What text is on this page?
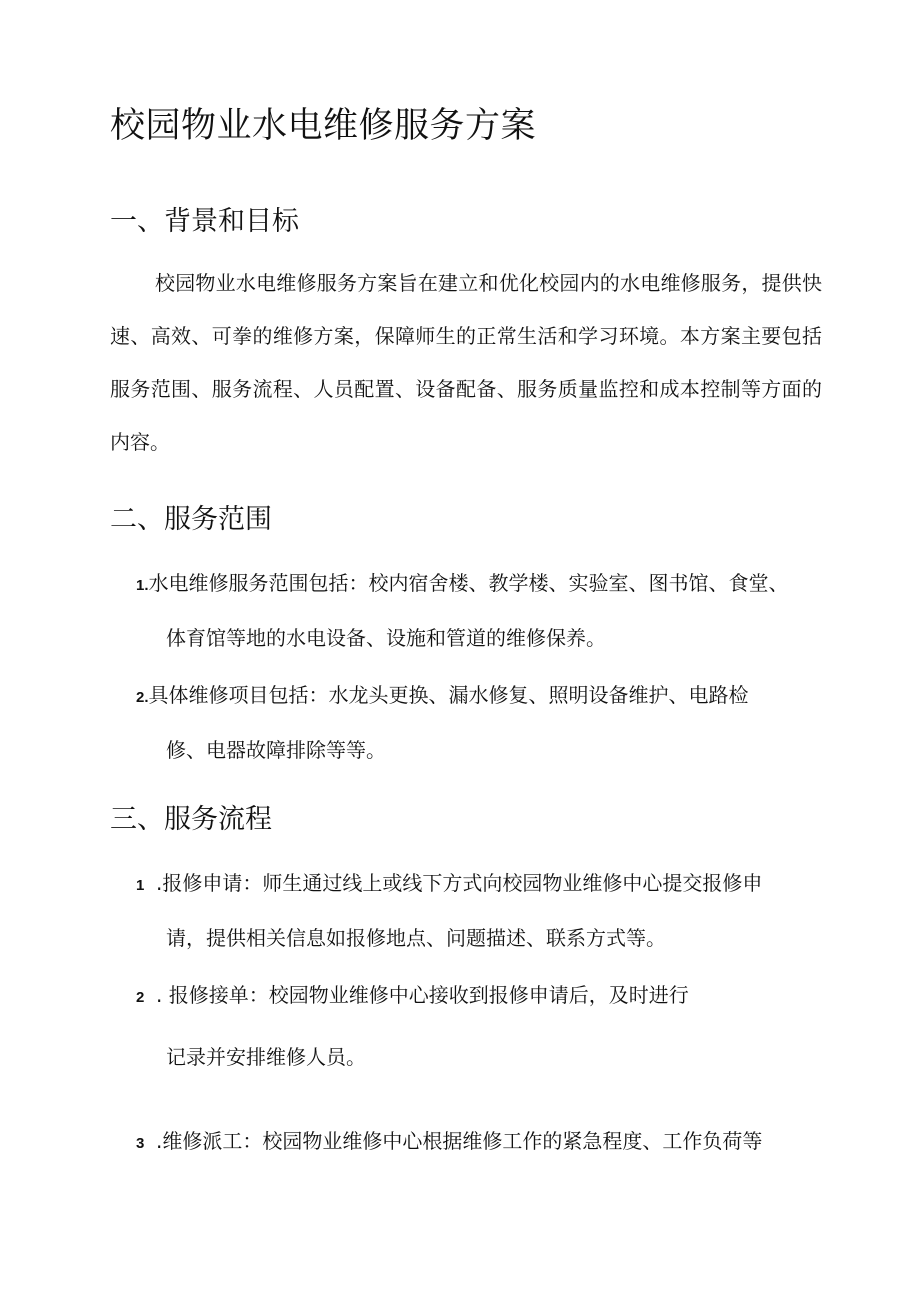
校园物业水电维修服务方案
一、背景和目标
校园物业水电维修服务方案旨在建立和优化校园内的水电维修服务，提供快速、高效、可拳的维修方案，保障师生的正常生活和学习环境。本方案主要包括服务范围、服务流程、人员配置、设备配备、服务质量监控和成本控制等方面的内容。
二、服务范围
1.水电维修服务范围包括：校内宿舍楼、教学楼、实验室、图书馆、食堂、
体育馆等地的水电设备、设施和管道的维修保养。
2.具体维修项目包括：水龙头更换、漏水修复、照明设备维护、电路检
修、电器故障排除等等。
三、服务流程
1 .报修申请：师生通过线上或线下方式向校园物业维修中心提交报修申
请，提供相关信息如报修地点、问题描述、联系方式等。
2 . 报修接单：校园物业维修中心接收到报修申请后，及时进行
记录并安排维修人员。
3 .维修派工：校园物业维修中心根据维修工作的紧急程度、工作负荷等
